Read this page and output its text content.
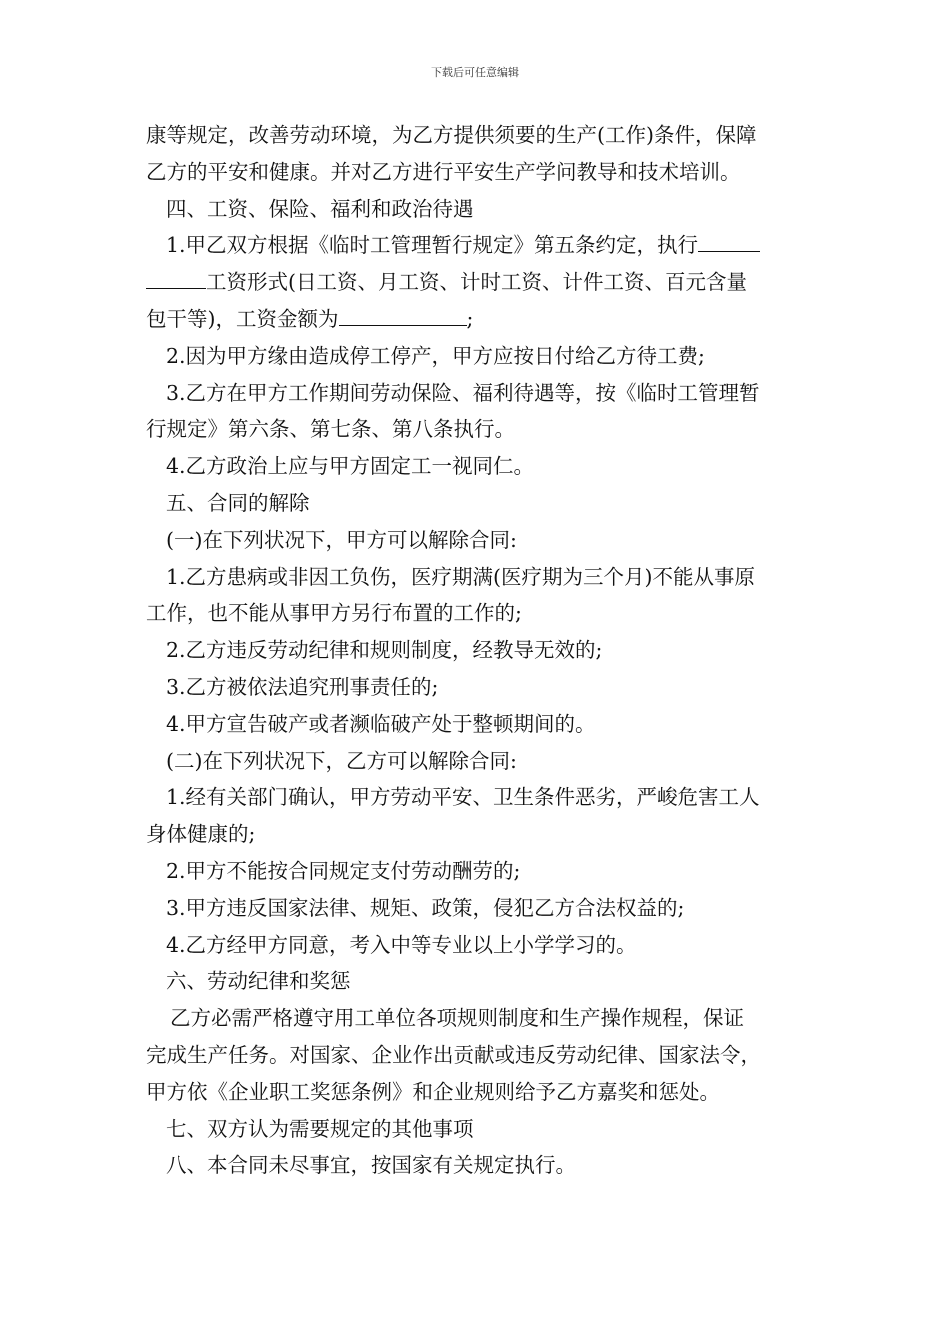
下载后可任意编辑
康等规定，改善劳动环境，为乙方提供须要的生产(工作)条件，保障
乙方的平安和健康。并对乙方进行平安生产学问教导和技术培训。
四、工资、保险、福利和政治待遇
1.甲乙双方根据《临时工管理暂行规定》第五条约定，执行
工资形式(日工资、月工资、计时工资、计件工资、百元含量
包干等)，工资金额为	;
2.因为甲方缘由造成停工停产，甲方应按日付给乙方待工费;
3.乙方在甲方工作期间劳动保险、福利待遇等，按《临时工管理暂
行规定》第六条、第七条、第八条执行。
4.乙方政治上应与甲方固定工一视同仁。
五、合同的解除
(一)在下列状况下，甲方可以解除合同:
1.乙方患病或非因工负伤，医疗期满(医疗期为三个月)不能从事原
工作，也不能从事甲方另行布置的工作的;
2.乙方违反劳动纪律和规则制度，经教导无效的;
3.乙方被依法追究刑事责任的;
4.甲方宣告破产或者濒临破产处于整顿期间的。
(二)在下列状况下，乙方可以解除合同:
1.经有关部门确认，甲方劳动平安、卫生条件恶劣，严峻危害工人
身体健康的;
2.甲方不能按合同规定支付劳动酬劳的;
3.甲方违反国家法律、规矩、政策，侵犯乙方合法权益的;
4.乙方经甲方同意，考入中等专业以上小学学习的。
六、劳动纪律和奖惩
乙方必需严格遵守用工单位各项规则制度和生产操作规程，保证
完成生产任务。对国家、企业作出贡献或违反劳动纪律、国家法令，
甲方依《企业职工奖惩条例》和企业规则给予乙方嘉奖和惩处。
七、双方认为需要规定的其他事项
八、本合同未尽事宜，按国家有关规定执行。
